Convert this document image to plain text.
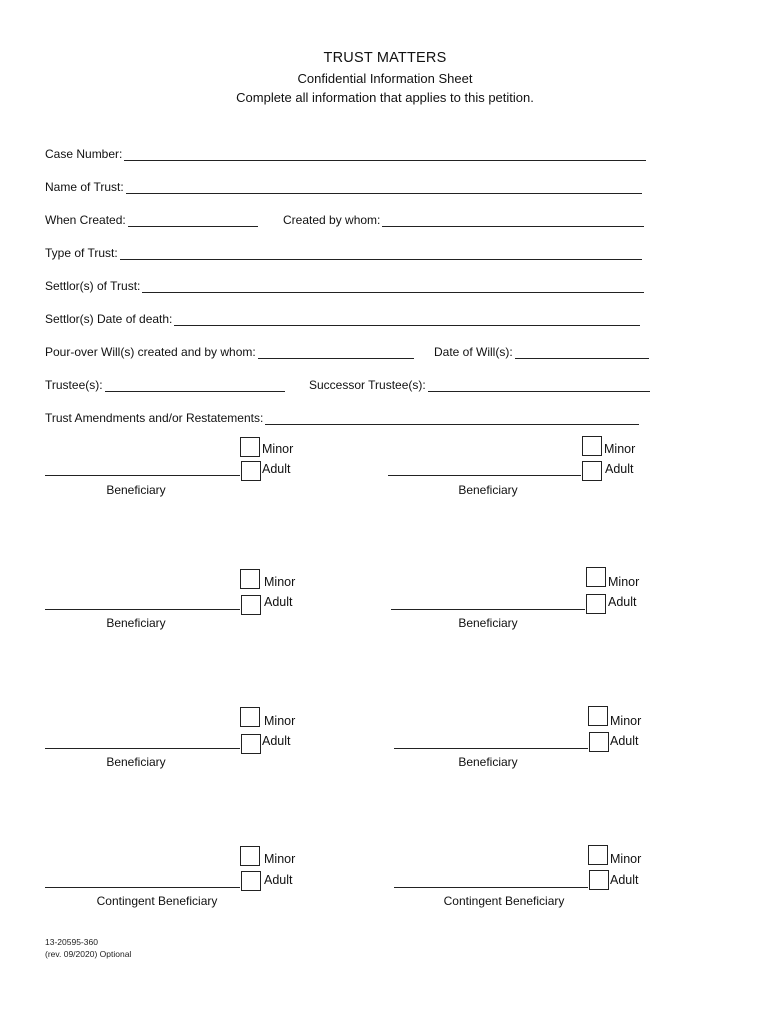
TRUST MATTERS
Confidential Information Sheet
Complete all information that applies to this petition.
Case Number:
Name of Trust:
When Created:	Created by whom:
Type of Trust:
Settlor(s) of Trust:
Settlor(s) Date of death:
Pour-over Will(s) created and by whom:	Date of Will(s):
Trustee(s):	Successor Trustee(s):
Trust Amendments and/or Restatements:
Minor
Adult
Beneficiary
Minor
Adult
Beneficiary
Minor
Adult
Beneficiary
Minor
Adult
Beneficiary
Minor
Adult
Beneficiary
Minor
Adult
Beneficiary
Minor
Adult
Contingent Beneficiary
Minor
Adult
Contingent Beneficiary
13-20595-360
(rev. 09/2020) Optional
